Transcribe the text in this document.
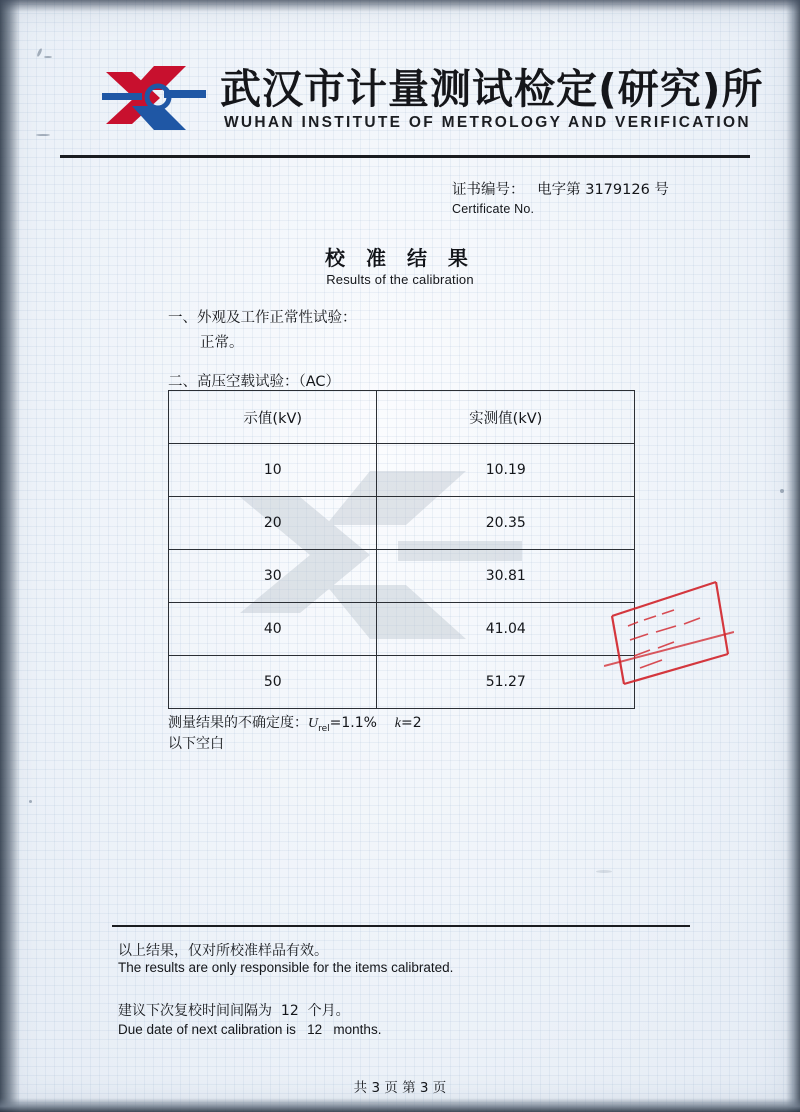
武汉市计量测试检定(研究)所
WUHAN INSTITUTE OF METROLOGY AND VERIFICATION
证书编号： 电字第 3179126 号
Certificate No.
校 准 结 果
Results of the calibration
一、外观及工作正常性试验：
正常。
二、高压空载试验：（AC）
示值(kV)	实测值(kV)
10	10.19
20	20.35
30	30.81
40	41.04
50	51.27
测量结果的不确定度：$U_{rel}=1.1\%$ k=2
以下空白
以上结果，仅对所校准样品有效。
The results are only responsible for the items calibrated.
建议下次复校时间间隔为 12 个月。
Due date of next calibration is 12 months.
共 3 页 第 3 页
